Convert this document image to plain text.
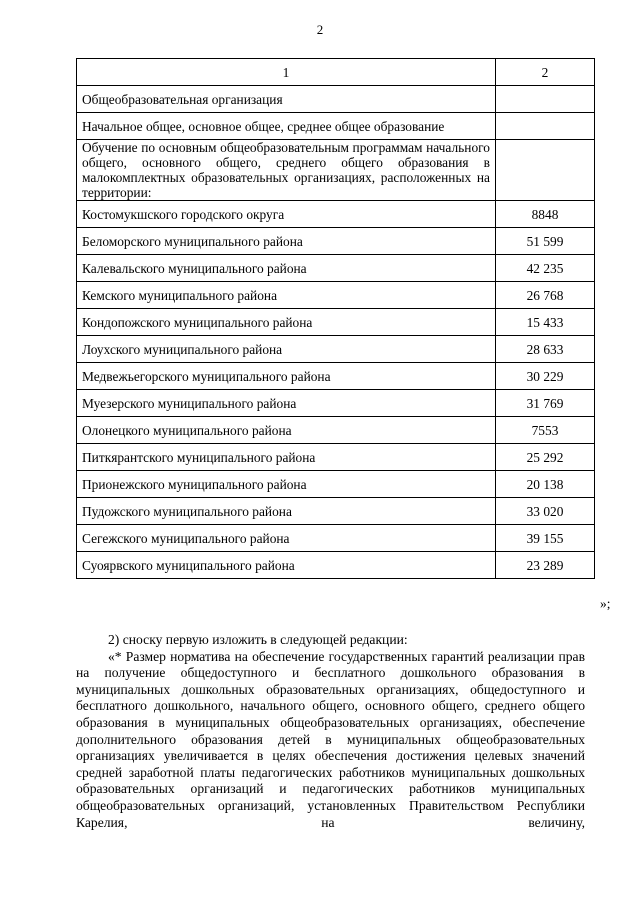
2
1	2
Общеобразовательная организация	
Начальное общее, основное общее, среднее общее образование	
Обучение по основным общеобразовательным программам начального общего, основного общего, среднего общего образования в малокомплектных образовательных организациях, расположенных на территории:	
Костомукшского городского округа	8848
Беломорского муниципального района	51 599
Калевальского муниципального района	42 235
Кемского муниципального района	26 768
Кондопожского муниципального района	15 433
Лоухского муниципального района	28 633
Медвежьегорского муниципального района	30 229
Муезерского муниципального района	31 769
Олонецкого муниципального района	7553
Питкярантского муниципального района	25 292
Прионежского муниципального района	20 138
Пудожского муниципального района	33 020
Сегежского муниципального района	39 155
Суоярвского муниципального района	23 289
»;

2) сноску первую изложить в следующей редакции:

«* Размер норматива на обеспечение государственных гарантий реализации прав на получение общедоступного и бесплатного дошкольного образования в муниципальных дошкольных образовательных организациях, общедоступного и бесплатного дошкольного, начального общего, основного общего, среднего общего образования в муниципальных общеобразовательных организациях, обеспечение дополнительного образования детей в муниципальных общеобразовательных организациях увеличивается в целях обеспечения достижения целевых значений средней заработной платы педагогических работников муниципальных дошкольных образовательных организаций и педагогических работников муниципальных общеобразовательных организаций, установленных Правительством Республики Карелия, на величину,
